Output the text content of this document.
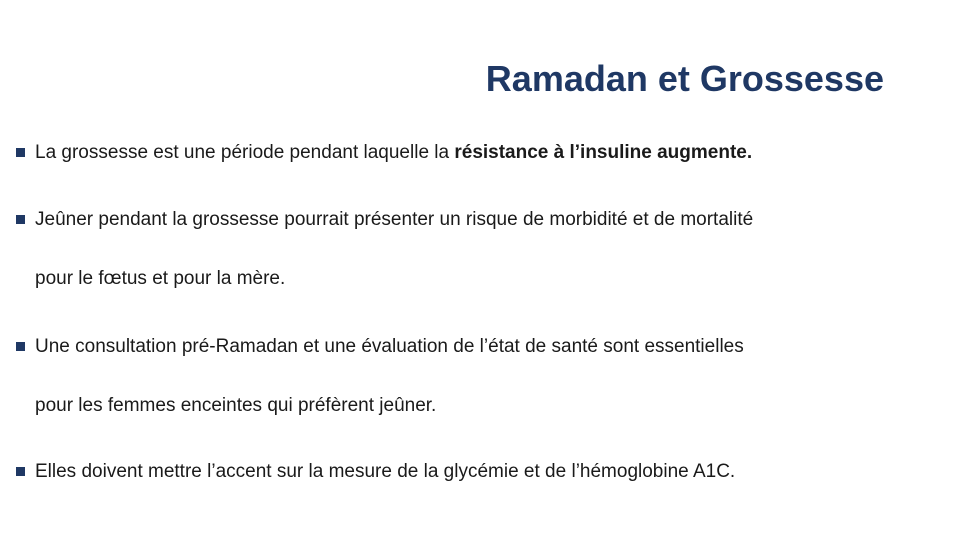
Ramadan et Grossesse
La grossesse est une période pendant laquelle la résistance à l’insuline augmente.
Jeûner pendant la grossesse pourrait présenter un risque de morbidité et de mortalité
pour le fœtus et pour la mère.
Une consultation pré-Ramadan et une évaluation de l’état de santé sont essentielles
pour les femmes enceintes qui préfèrent jeûner.
Elles doivent mettre l’accent sur la mesure de la glycémie et de l’hémoglobine A1C.
